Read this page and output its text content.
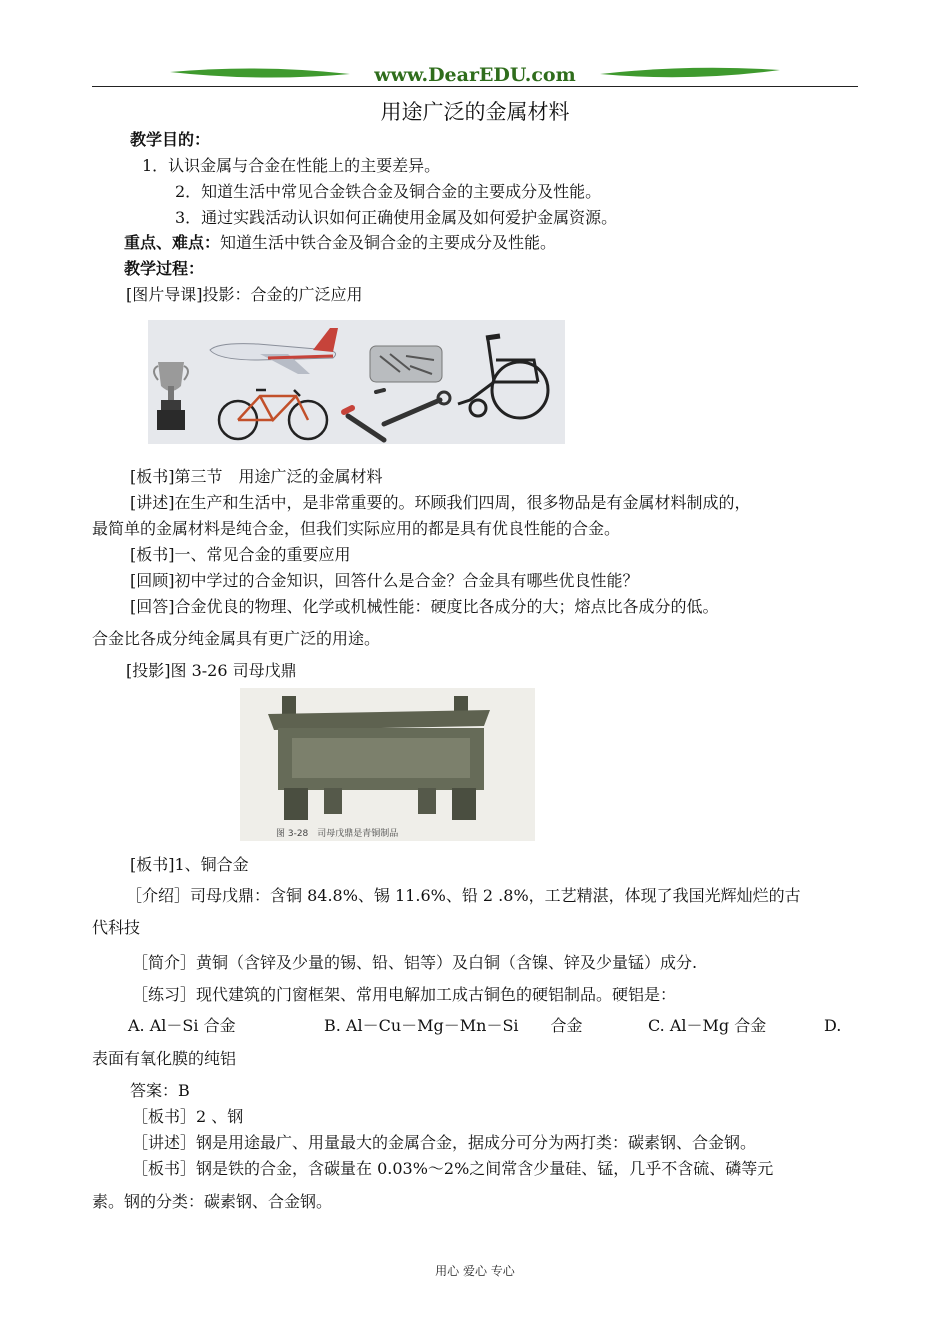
www.DearEDU.com
用途广泛的金属材料
教学目的：
1．认识金属与合金在性能上的主要差异。
2．知道生活中常见合金铁合金及铜合金的主要成分及性能。
3．通过实践活动认识如何正确使用金属及如何爱护金属资源。
重点、难点：知道生活中铁合金及铜合金的主要成分及性能。
教学过程：
[图片导课]投影：合金的广泛应用
[板书]第三节　用途广泛的金属材料
[讲述]在生产和生活中，是非常重要的。环顾我们四周，很多物品是有金属材料制成的，
最简单的金属材料是纯合金，但我们实际应用的都是具有优良性能的合金。
[板书]一、常见合金的重要应用
[回顾]初中学过的合金知识，回答什么是合金？合金具有哪些优良性能？
[回答]合金优良的物理、化学或机械性能：硬度比各成分的大；熔点比各成分的低。
合金比各成分纯金属具有更广泛的用途。
[投影]图 3-26 司母戊鼎
图 3-28　司母戊鼎是青铜制品
[板书]1、铜合金
［介绍］司母戊鼎：含铜 84.8%、锡 11.6%、铅 2 .8%，工艺精湛，体现了我国光辉灿烂的古
代科技
［简介］黄铜（含锌及少量的锡、铅、铝等）及白铜（含镍、锌及少量锰）成分.
［练习］现代建筑的门窗框架、常用电解加工成古铜色的硬铝制品。硬铝是：
A. Al－Si 合金	B. Al－Cu－Mg－Mn－Si　　合金	C. Al－Mg 合金	D.
表面有氧化膜的纯铝
答案：B
［板书］2 、钢
［讲述］钢是用途最广、用量最大的金属合金，据成分可分为两打类：碳素钢、合金钢。
［板书］钢是铁的合金，含碳量在 0.03%～2%之间常含少量硅、锰，几乎不含硫、磷等元
素。钢的分类：碳素钢、合金钢。
用心 爱心 专心
